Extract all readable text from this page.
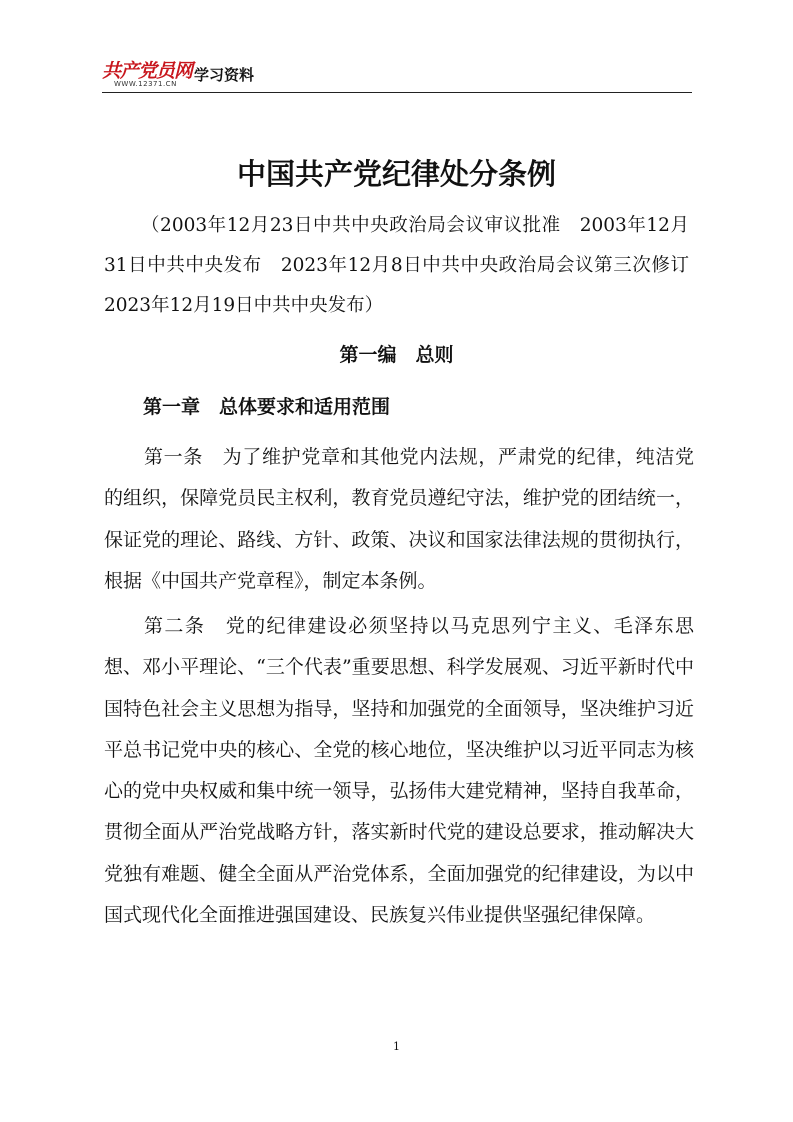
共产党员网
WWW.12371.CN 学习资料
中国共产党纪律处分条例
（2003年12月23日中共中央政治局会议审议批准　2003年12月31日中共中央发布　2023年12月8日中共中央政治局会议第三次修订　2023年12月19日中共中央发布）
第一编　总则
第一章　总体要求和适用范围
第一条　为了维护党章和其他党内法规，严肃党的纪律，纯洁党的组织，保障党员民主权利，教育党员遵纪守法，维护党的团结统一，保证党的理论、路线、方针、政策、决议和国家法律法规的贯彻执行，根据《中国共产党章程》，制定本条例。
第二条　党的纪律建设必须坚持以马克思列宁主义、毛泽东思想、邓小平理论、“三个代表”重要思想、科学发展观、习近平新时代中国特色社会主义思想为指导，坚持和加强党的全面领导，坚决维护习近平总书记党中央的核心、全党的核心地位，坚决维护以习近平同志为核心的党中央权威和集中统一领导，弘扬伟大建党精神，坚持自我革命，贯彻全面从严治党战略方针，落实新时代党的建设总要求，推动解决大党独有难题、健全全面从严治党体系，全面加强党的纪律建设，为以中国式现代化全面推进强国建设、民族复兴伟业提供坚强纪律保障。
1
